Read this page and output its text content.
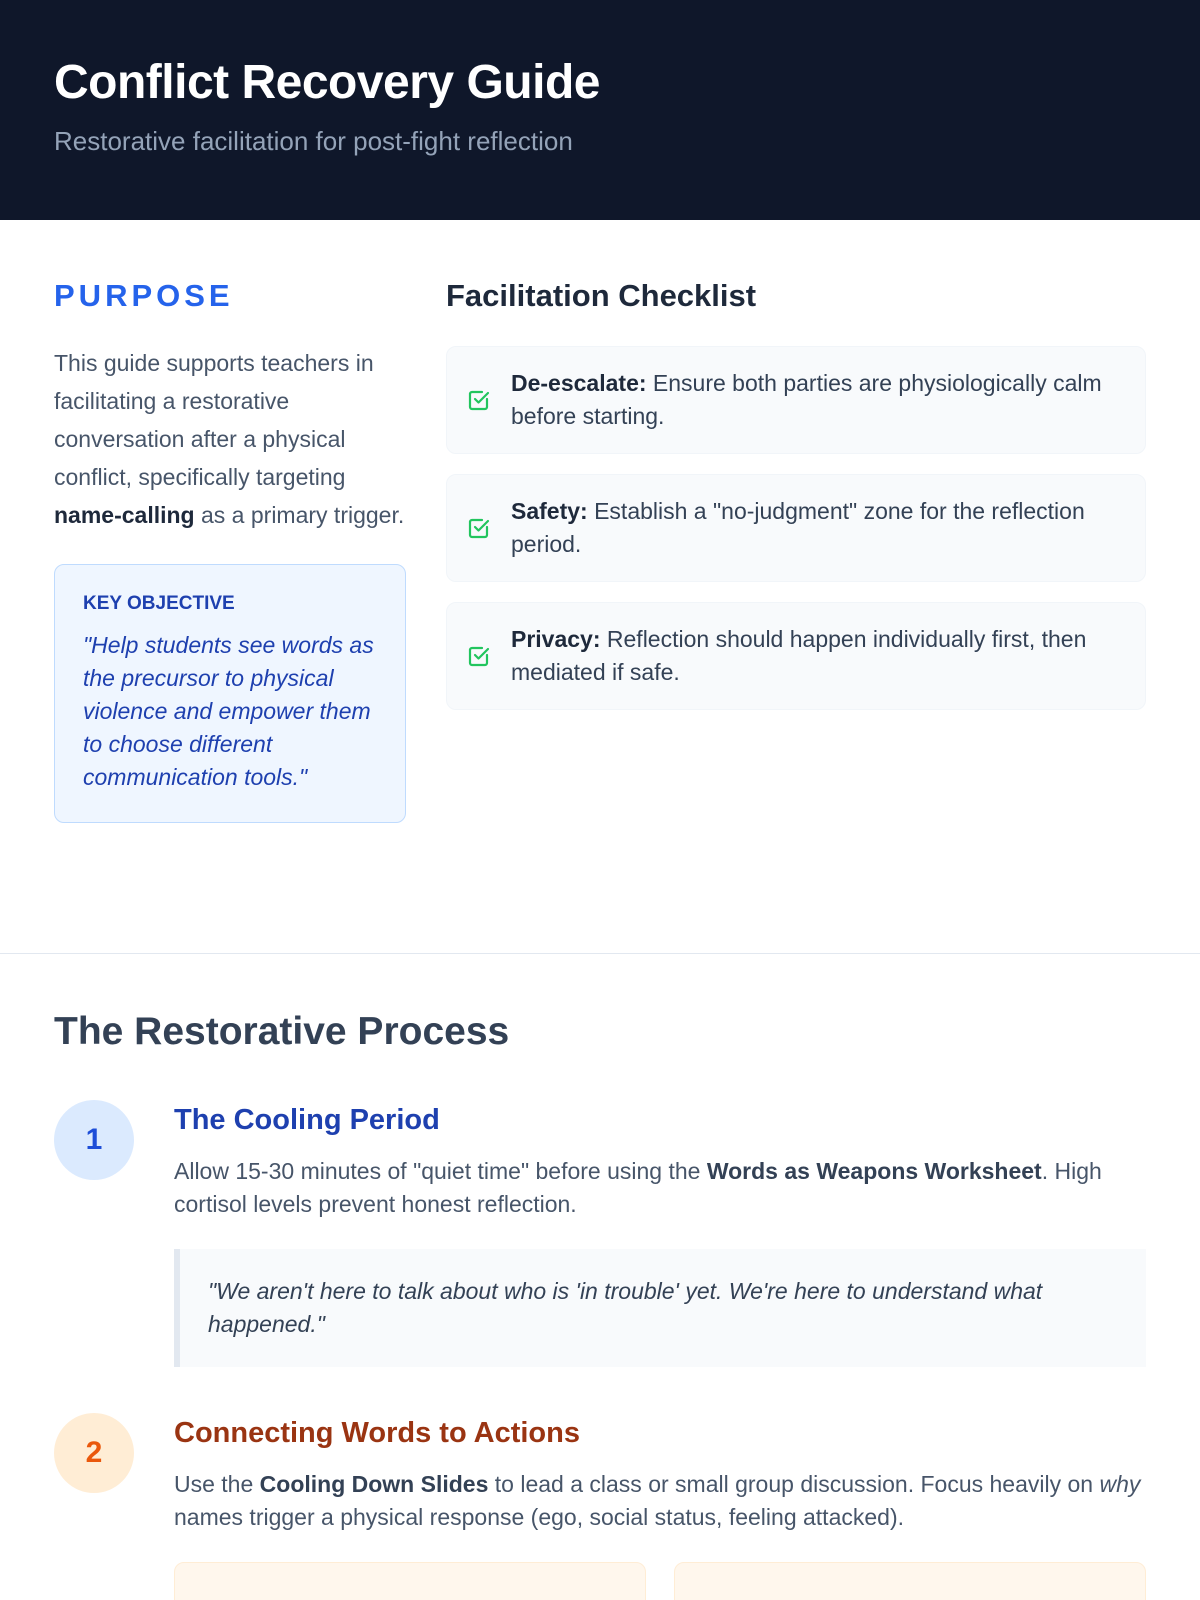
Conflict Recovery Guide
Restorative facilitation for post-fight reflection
PURPOSE

This guide supports teachers in facilitating a restorative conversation after a physical conflict, specifically targeting name-calling as a primary trigger.

KEY OBJECTIVE
"Help students see words as the precursor to physical violence and empower them to choose different communication tools."
Facilitation Checklist
De-escalate: Ensure both parties are physiologically calm before starting.
Safety: Establish a "no-judgment" zone for the reflection period.
Privacy: Reflection should happen individually first, then mediated if safe.
The Restorative Process
1
The Cooling Period

Allow 15-30 minutes of "quiet time" before using the Words as Weapons Worksheet. High cortisol levels prevent honest reflection.

"We aren't here to talk about who is 'in trouble' yet. We're here to understand what happened."
2
Connecting Words to Actions

Use the Cooling Down Slides to lead a class or small group discussion. Focus heavily on why names trigger a physical response (ego, social status, feeling attacked).
